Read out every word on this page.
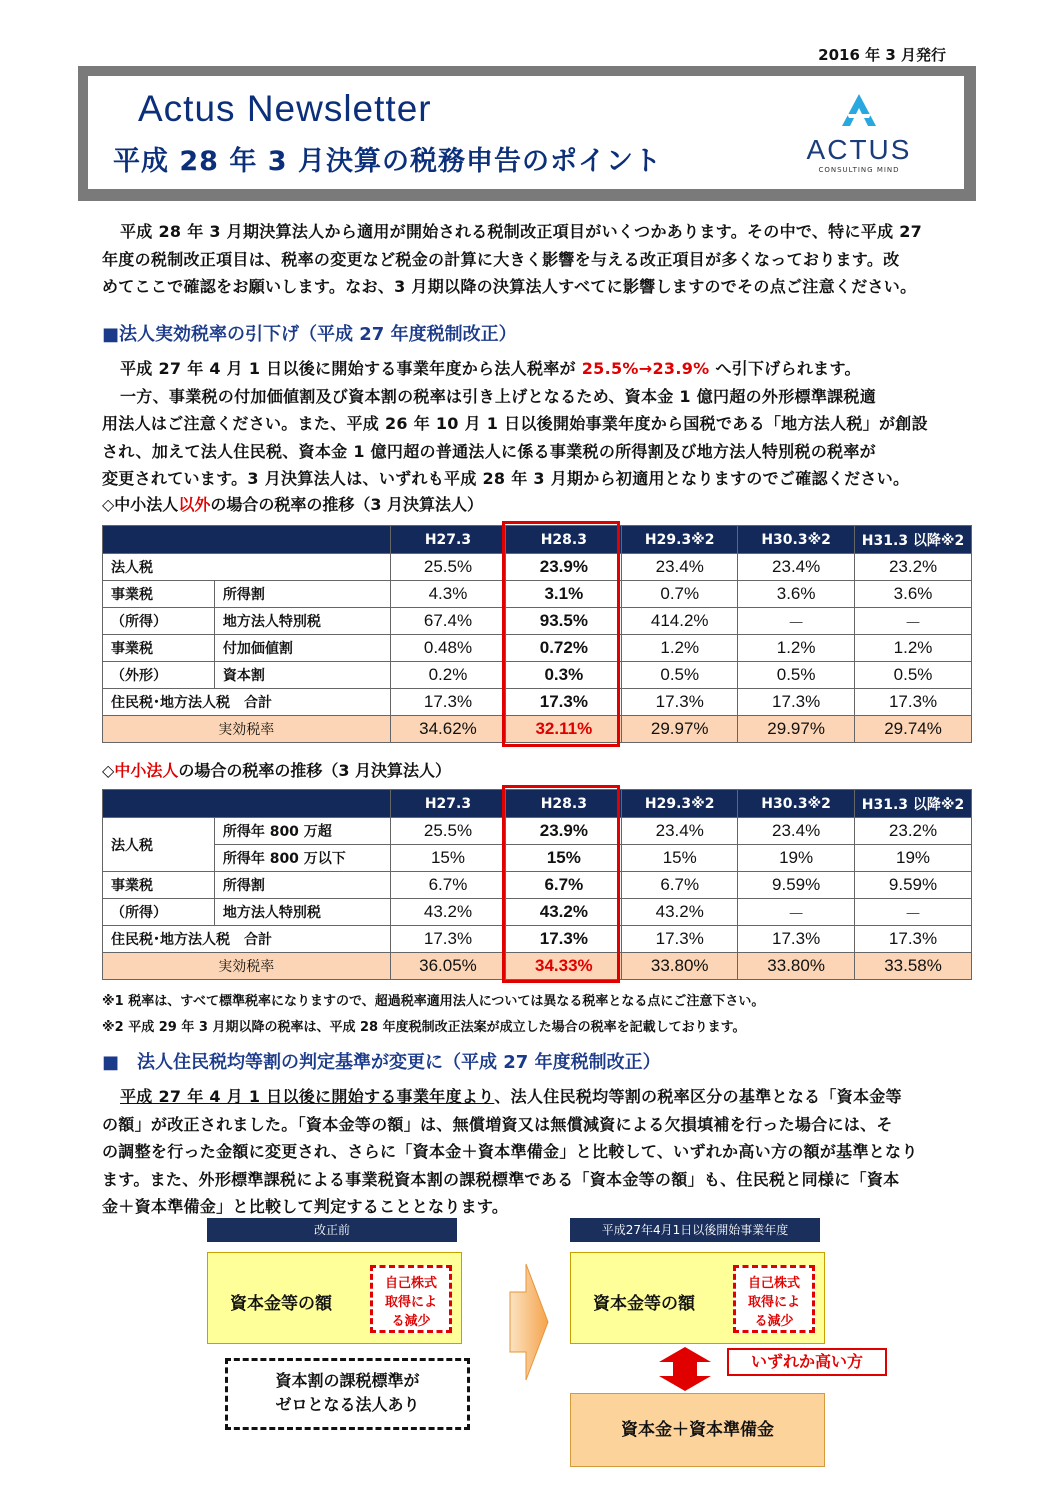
2016 年 3 月発行
Actus Newsletter
平成 28 年 3 月決算の税務申告のポイント	ACTUS
CONSULTING MIND

平成 28 年 3 月期決算法人から適用が開始される税制改正項目がいくつかあります。その中で、特に平成 27
年度の税制改正項目は、税率の変更など税金の計算に大きく影響を与える改正項目が多くなっております。改
めてここで確認をお願いします。なお、3 月期以降の決算法人すべてに影響しますのでその点ご注意ください。

■法人実効税率の引下げ（平成 27 年度税制改正）

平成 27 年 4 月 1 日以後に開始する事業年度から法人税率が 25.5%→23.9% へ引下げられます。
一方、事業税の付加価値割及び資本割の税率は引き上げとなるため、資本金 1 億円超の外形標準課税適
用法人はご注意ください。また、平成 26 年 10 月 1 日以後開始事業年度から国税である「地方法人税」が創設
され、加えて法人住民税、資本金 1 億円超の普通法人に係る事業税の所得割及び地方法人特別税の税率が
変更されています。3 月決算法人は、いずれも平成 28 年 3 月期から初適用となりますのでご確認ください。

◇中小法人以外の場合の税率の推移（3 月決算法人）
		H27.3	H28.3	H29.3※2	H30.3※2	H31.3 以降※2
法人税		25.5%	23.9%	23.4%	23.4%	23.2%
事業税	所得割	4.3%	3.1%	0.7%	3.6%	3.6%
（所得）	地方法人特別税	67.4%	93.5%	414.2%	－	－
事業税	付加価値割	0.48%	0.72%	1.2%	1.2%	1.2%
（外形）	資本割	0.2%	0.3%	0.5%	0.5%	0.5%
住民税･地方法人税　合計		17.3%	17.3%	17.3%	17.3%	17.3%
実効税率		34.62%	32.11%	29.97%	29.97%	29.74%
◇中小法人の場合の税率の推移（3 月決算法人）
		H27.3	H28.3	H29.3※2	H30.3※2	H31.3 以降※2
法人税	所得年 800 万超	25.5%	23.9%	23.4%	23.4%	23.2%
	所得年 800 万以下	15%	15%	15%	19%	19%
事業税	所得割	6.7%	6.7%	6.7%	9.59%	9.59%
（所得）	地方法人特別税	43.2%	43.2%	43.2%	－	－
住民税･地方法人税　合計		17.3%	17.3%	17.3%	17.3%	17.3%
実効税率		36.05%	34.33%	33.80%	33.80%	33.58%
※1 税率は、すべて標準税率になりますので、超過税率適用法人については異なる税率となる点にご注意下さい。
※2 平成 29 年 3 月期以降の税率は、平成 28 年度税制改正法案が成立した場合の税率を記載しております。
■　法人住民税均等割の判定基準が変更に（平成 27 年度税制改正）

平成 27 年 4 月 1 日以後に開始する事業年度より、法人住民税均等割の税率区分の基準となる「資本金等
の額」が改正されました。「資本金等の額」は、無償増資又は無償減資による欠損填補を行った場合には、そ
の調整を行った金額に変更され、さらに「資本金＋資本準備金」と比較して、いずれか高い方の額が基準となり
ます。また、外形標準課税による事業税資本割の課税標準である「資本金等の額」も、住民税と同様に「資本
金＋資本準備金」と比較して判定することとなります。

改正前	平成27年4月1日以後開始事業年度
資本金等の額
自己株式
取得によ
る減少
資本金等の額
自己株式
取得によ
る減少
資本割の課税標準が
ゼロとなる法人あり
いずれか高い方
資本金＋資本準備金
